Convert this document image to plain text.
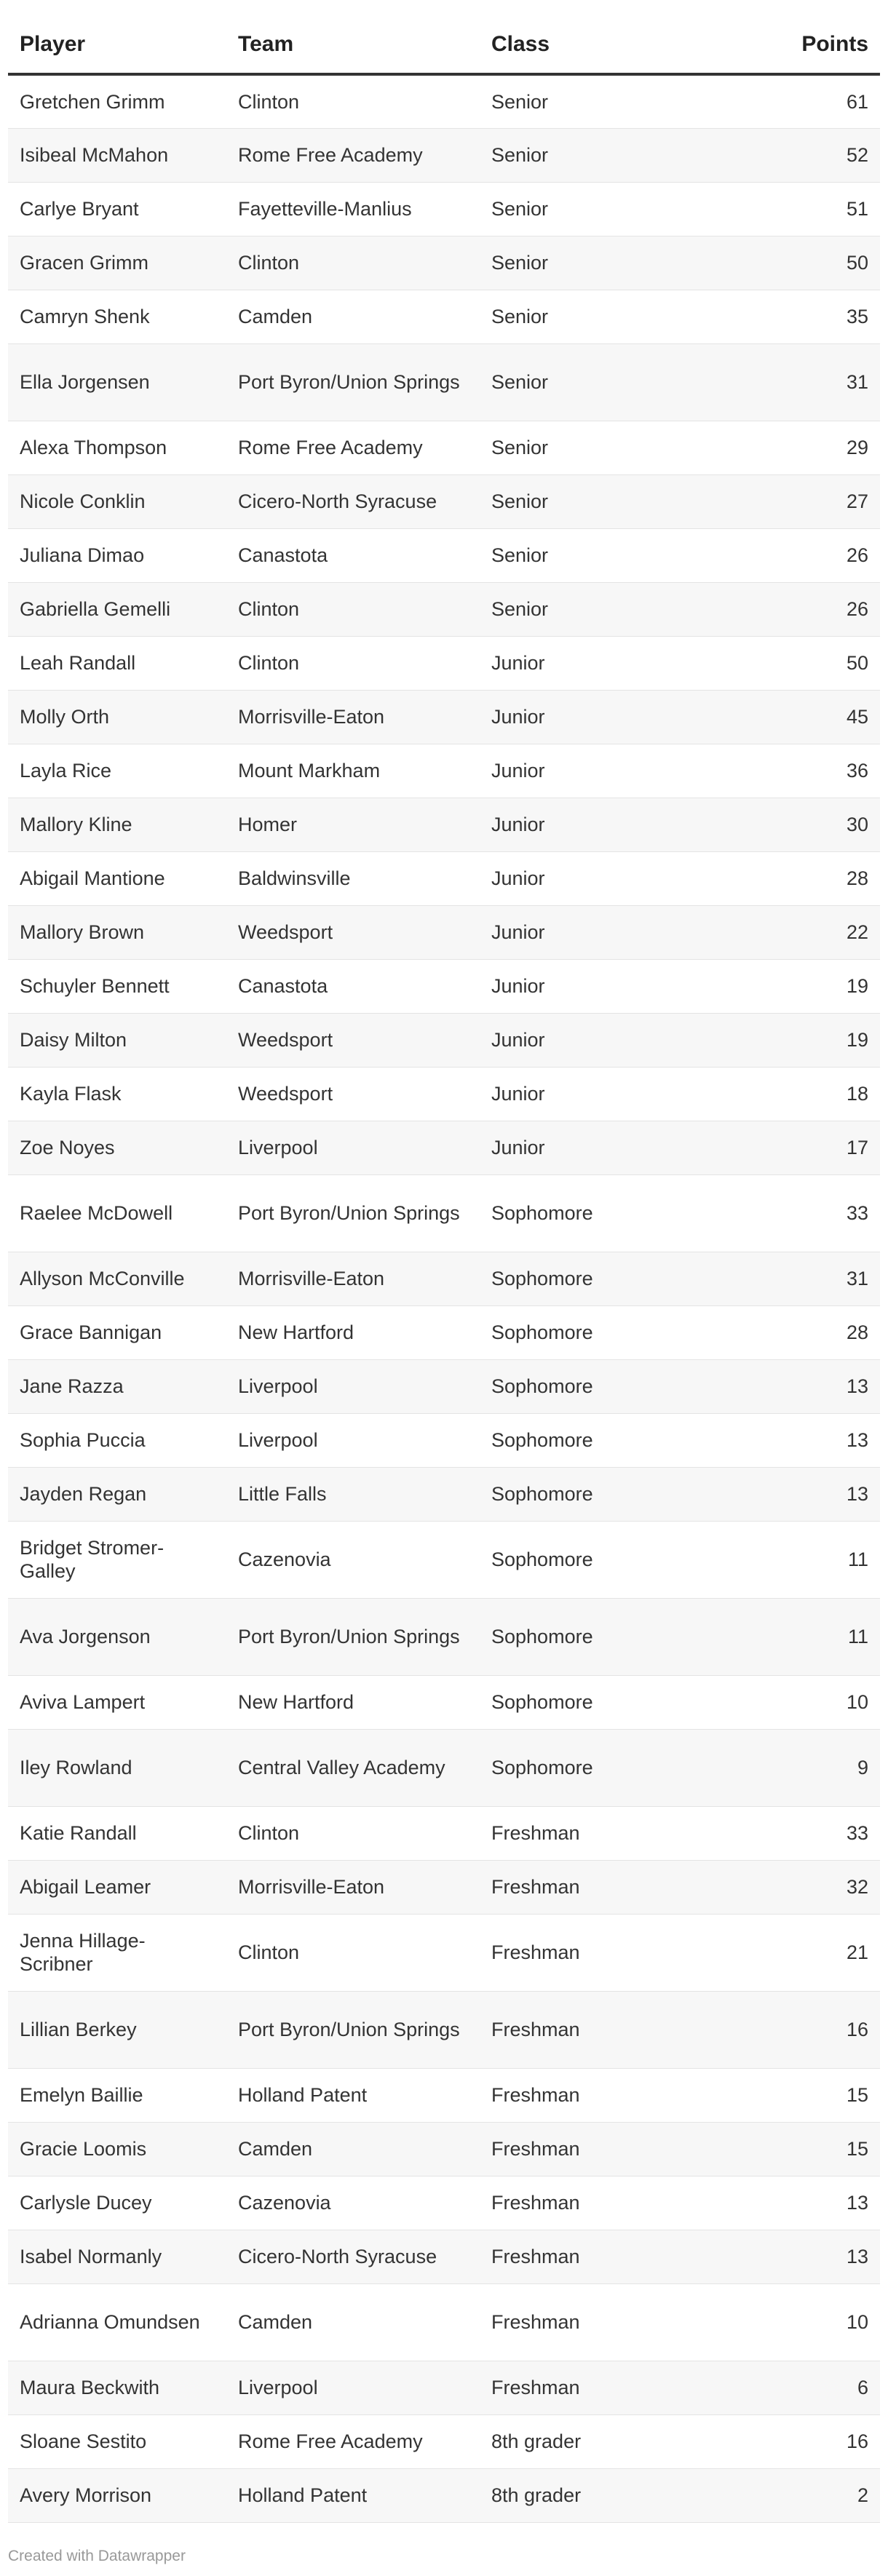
Player	Team	Class	Points
Gretchen Grimm	Clinton	Senior	61
Isibeal McMahon	Rome Free Academy	Senior	52
Carlye Bryant	Fayetteville-Manlius	Senior	51
Gracen Grimm	Clinton	Senior	50
Camryn Shenk	Camden	Senior	35
Ella Jorgensen	Port Byron/Union Springs	Senior	31
Alexa Thompson	Rome Free Academy	Senior	29
Nicole Conklin	Cicero-North Syracuse	Senior	27
Juliana Dimao	Canastota	Senior	26
Gabriella Gemelli	Clinton	Senior	26
Leah Randall	Clinton	Junior	50
Molly Orth	Morrisville-Eaton	Junior	45
Layla Rice	Mount Markham	Junior	36
Mallory Kline	Homer	Junior	30
Abigail Mantione	Baldwinsville	Junior	28
Mallory Brown	Weedsport	Junior	22
Schuyler Bennett	Canastota	Junior	19
Daisy Milton	Weedsport	Junior	19
Kayla Flask	Weedsport	Junior	18
Zoe Noyes	Liverpool	Junior	17
Raelee McDowell	Port Byron/Union Springs	Sophomore	33
Allyson McConville	Morrisville-Eaton	Sophomore	31
Grace Bannigan	New Hartford	Sophomore	28
Jane Razza	Liverpool	Sophomore	13
Sophia Puccia	Liverpool	Sophomore	13
Jayden Regan	Little Falls	Sophomore	13
Bridget Stromer-Galley	Cazenovia	Sophomore	11
Ava Jorgenson	Port Byron/Union Springs	Sophomore	11
Aviva Lampert	New Hartford	Sophomore	10
Iley Rowland	Central Valley Academy	Sophomore	9
Katie Randall	Clinton	Freshman	33
Abigail Leamer	Morrisville-Eaton	Freshman	32
Jenna Hillage-Scribner	Clinton	Freshman	21
Lillian Berkey	Port Byron/Union Springs	Freshman	16
Emelyn Baillie	Holland Patent	Freshman	15
Gracie Loomis	Camden	Freshman	15
Carlysle Ducey	Cazenovia	Freshman	13
Isabel Normanly	Cicero-North Syracuse	Freshman	13
Adrianna Omundsen	Camden	Freshman	10
Maura Beckwith	Liverpool	Freshman	6
Sloane Sestito	Rome Free Academy	8th grader	16
Avery Morrison	Holland Patent	8th grader	2
Created with Datawrapper
